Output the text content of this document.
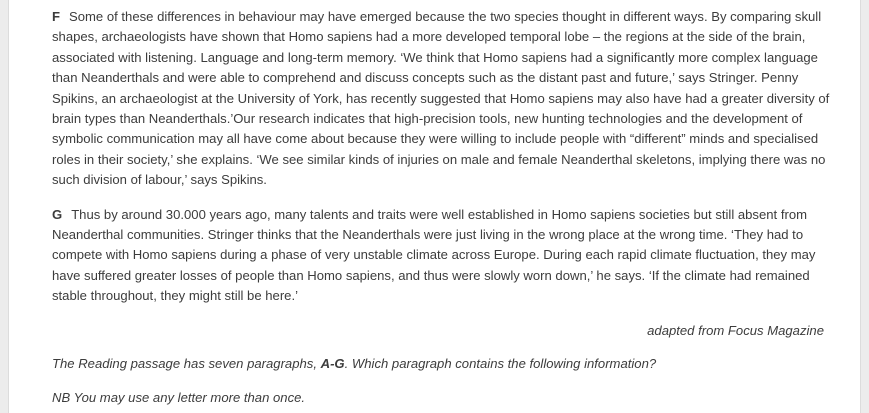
F Some of these differences in behaviour may have emerged because the two species thought in different ways. By comparing skull shapes, archaeologists have shown that Homo sapiens had a more developed temporal lobe – the regions at the side of the brain, associated with listening. Language and long-term memory. ‘We think that Homo sapiens had a significantly more complex language than Neanderthals and were able to comprehend and discuss concepts such as the distant past and future,’ says Stringer. Penny Spikins, an archaeologist at the University of York, has recently suggested that Homo sapiens may also have had a greater diversity of brain types than Neanderthals.’Our research indicates that high-precision tools, new hunting technologies and the development of symbolic communication may all have come about because they were willing to include people with “different” minds and specialised roles in their society,’ she explains. ‘We see similar kinds of injuries on male and female Neanderthal skeletons, implying there was no such division of labour,’ says Spikins.

G Thus by around 30.000 years ago, many talents and traits were well established in Homo sapiens societies but still absent from Neanderthal communities. Stringer thinks that the Neanderthals were just living in the wrong place at the wrong time. ‘They had to compete with Homo sapiens during a phase of very unstable climate across Europe. During each rapid climate fluctuation, they may have suffered greater losses of people than Homo sapiens, and thus were slowly worn down,’ he says. ‘If the climate had remained stable throughout, they might still be here.’

adapted from Focus Magazine

The Reading passage has seven paragraphs, A-G. Which paragraph contains the following information?

NB You may use any letter more than once.
